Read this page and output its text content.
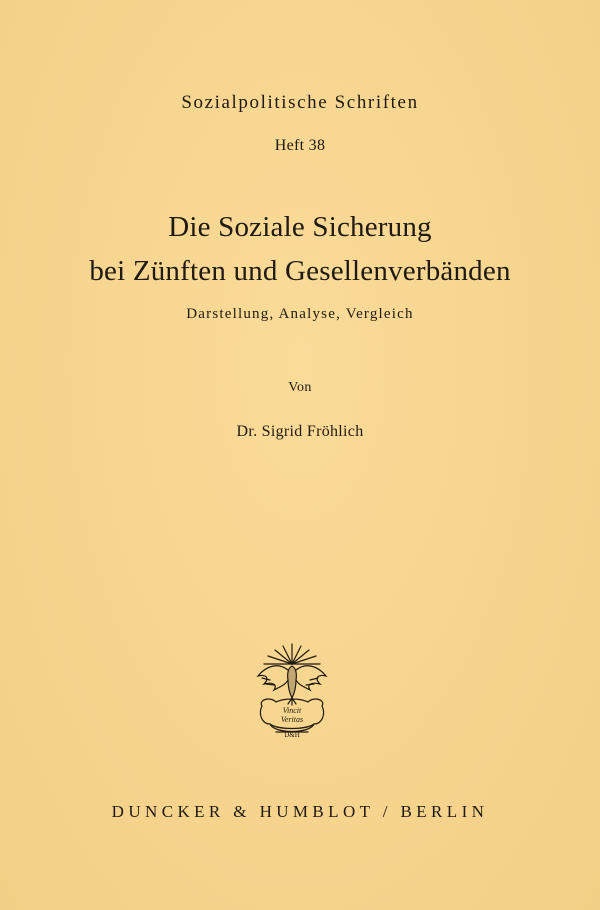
Sozialpolitische Schriften
Heft 38
Die Soziale Sicherung
bei Zünften und Gesellenverbänden
Darstellung, Analyse, Vergleich
Von
Dr. Sigrid Fröhlich
Vincit
Veritas
D&H
DUNCKER & HUMBLOT / BERLIN
